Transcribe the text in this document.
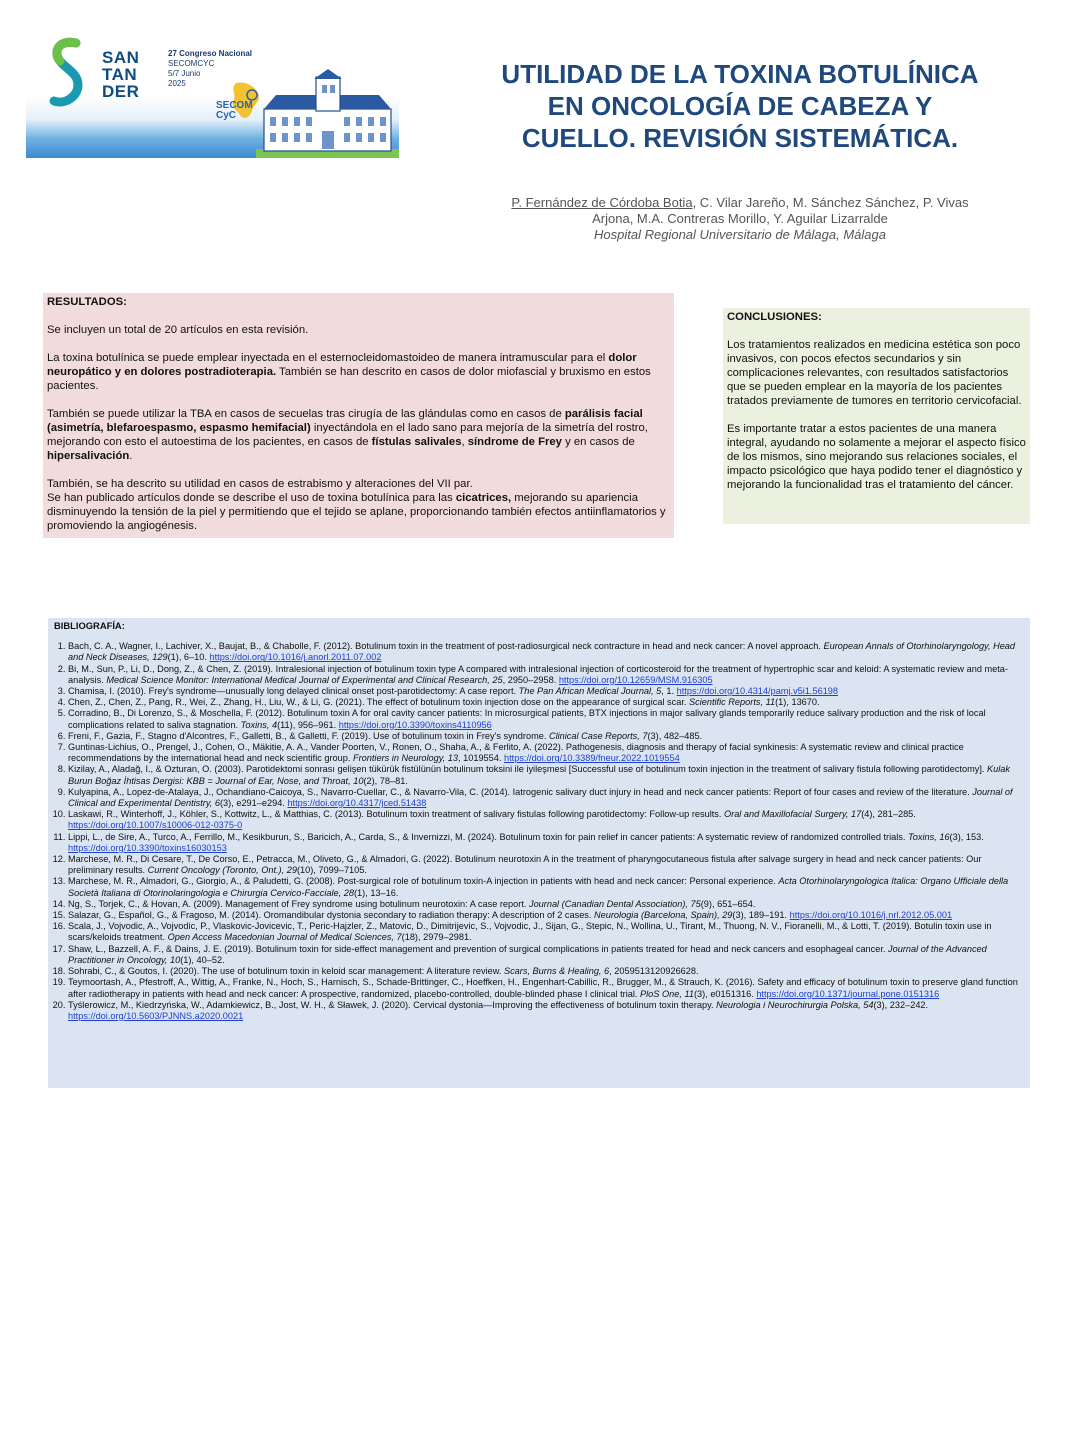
SAN
TAN
DER
27 Congreso Nacional
SECOMCYC
5/7 Junio
2025
SECOM
CyC
UTILIDAD DE LA TOXINA BOTULÍNICA EN ONCOLOGÍA DE CABEZA Y CUELLO. REVISIÓN SISTEMÁTICA.
P. Fernández de Córdoba Botia, C. Vilar Jareño, M. Sánchez Sánchez, P. Vivas Arjona, M.A. Contreras Morillo, Y. Aguilar Lizarralde
Hospital Regional Universitario de Málaga, Málaga
RESULTADOS:

Se incluyen un total de 20 artículos en esta revisión.

La toxina botulínica se puede emplear inyectada en el esternocleidomastoideo de manera intramuscular para el dolor neuropático y en dolores postradioterapia. También se han descrito en casos de dolor miofascial y bruxismo en estos pacientes.

También se puede utilizar la TBA en casos de secuelas tras cirugía de las glándulas como en casos de parálisis facial (asimetría, blefaroespasmo, espasmo hemifacial) inyectándola en el lado sano para mejoría de la simetría del rostro, mejorando con esto el autoestima de los pacientes, en casos de fístulas salivales, síndrome de Frey y en casos de hipersalivación.

También, se ha descrito su utilidad en casos de estrabismo y alteraciones del VII par.
Se han publicado artículos donde se describe el uso de toxina botulínica para las cicatrices, mejorando su apariencia disminuyendo la tensión de la piel y permitiendo que el tejido se aplane, proporcionando también efectos antiinflamatorios y promoviendo la angiogénesis.

CONCLUSIONES:

Los tratamientos realizados en medicina estética son poco invasivos, con pocos efectos secundarios y sin complicaciones relevantes, con resultados satisfactorios que se pueden emplear en la mayoría de los pacientes tratados previamente de tumores en territorio cervicofacial.

Es importante tratar a estos pacientes de una manera integral, ayudando no solamente a mejorar el aspecto físico de los mismos, sino mejorando sus relaciones sociales, el impacto psicológico que haya podido tener el diagnóstico y mejorando la funcionalidad tras el tratamiento del cáncer.

BIBLIOGRAFÍA:
1. Bach, C. A., Wagner, I., Lachiver, X., Baujat, B., & Chabolle, F. (2012). Botulinum toxin in the treatment of post-radiosurgical neck contracture in head and neck cancer: A novel approach. European Annals of Otorhinolaryngology, Head and Neck Diseases, 129(1), 6–10. https://doi.org/10.1016/j.anorl.2011.07.002
2. Bi, M., Sun, P., Li, D., Dong, Z., & Chen, Z. (2019). Intralesional injection of botulinum toxin type A compared with intralesional injection of corticosteroid for the treatment of hypertrophic scar and keloid: A systematic review and meta-analysis. Medical Science Monitor: International Medical Journal of Experimental and Clinical Research, 25, 2950–2958. https://doi.org/10.12659/MSM.916305
3. Chamisa, I. (2010). Frey's syndrome—unusually long delayed clinical onset post-parotidectomy: A case report. The Pan African Medical Journal, 5, 1. https://doi.org/10.4314/pamj.v5i1.56198
4. Chen, Z., Chen, Z., Pang, R., Wei, Z., Zhang, H., Liu, W., & Li, G. (2021). The effect of botulinum toxin injection dose on the appearance of surgical scar. Scientific Reports, 11(1), 13670.
5. Corradino, B., Di Lorenzo, S., & Moschella, F. (2012). Botulinum toxin A for oral cavity cancer patients: In microsurgical patients, BTX injections in major salivary glands temporarily reduce salivary production and the risk of local complications related to saliva stagnation. Toxins, 4(11), 956–961. https://doi.org/10.3390/toxins4110956
6. Freni, F., Gazia, F., Stagno d'Alcontres, F., Galletti, B., & Galletti, F. (2019). Use of botulinum toxin in Frey's syndrome. Clinical Case Reports, 7(3), 482–485.
7. Guntinas-Lichius, O., Prengel, J., Cohen, O., Mäkitie, A. A., Vander Poorten, V., Ronen, O., Shaha, A., & Ferlito, A. (2022). Pathogenesis, diagnosis and therapy of facial synkinesis: A systematic review and clinical practice recommendations by the international head and neck scientific group. Frontiers in Neurology, 13, 1019554. https://doi.org/10.3389/fneur.2022.1019554
8. Kizilay, A., Aladağ, I., & Ozturan, O. (2003). Parotidektomi sonrası gelişen tükürük fistülünün botulinum toksini ile iyileşmesi [Successful use of botulinum toxin injection in the treatment of salivary fistula following parotidectomy]. Kulak Burun Boğaz İhtisas Dergisi: KBB = Journal of Ear, Nose, and Throat, 10(2), 78–81.
9. Kulyapina, A., Lopez-de-Atalaya, J., Ochandiano-Caicoya, S., Navarro-Cuellar, C., & Navarro-Vila, C. (2014). Iatrogenic salivary duct injury in head and neck cancer patients: Report of four cases and review of the literature. Journal of Clinical and Experimental Dentistry, 6(3), e291–e294. https://doi.org/10.4317/jced.51438
10. Laskawi, R., Winterhoff, J., Köhler, S., Kottwitz, L., & Matthias, C. (2013). Botulinum toxin treatment of salivary fistulas following parotidectomy: Follow-up results. Oral and Maxillofacial Surgery, 17(4), 281–285. https://doi.org/10.1007/s10006-012-0375-0
11. Lippi, L., de Sire, A., Turco, A., Ferrillo, M., Kesikburun, S., Baricich, A., Carda, S., & Invernizzi, M. (2024). Botulinum toxin for pain relief in cancer patients: A systematic review of randomized controlled trials. Toxins, 16(3), 153. https://doi.org/10.3390/toxins16030153
12. Marchese, M. R., Di Cesare, T., De Corso, E., Petracca, M., Oliveto, G., & Almadori, G. (2022). Botulinum neurotoxin A in the treatment of pharyngocutaneous fistula after salvage surgery in head and neck cancer patients: Our preliminary results. Current Oncology (Toronto, Ont.), 29(10), 7099–7105.
13. Marchese, M. R., Almadori, G., Giorgio, A., & Paludetti, G. (2008). Post-surgical role of botulinum toxin-A injection in patients with head and neck cancer: Personal experience. Acta Otorhinolaryngologica Italica: Organo Ufficiale della Società Italiana di Otorinolaringologia e Chirurgia Cervico-Facciale, 28(1), 13–16.
14. Ng, S., Torjek, C., & Hovan, A. (2009). Management of Frey syndrome using botulinum neurotoxin: A case report. Journal (Canadian Dental Association), 75(9), 651–654.
15. Salazar, G., Español, G., & Fragoso, M. (2014). Oromandibular dystonia secondary to radiation therapy: A description of 2 cases. Neurologia (Barcelona, Spain), 29(3), 189–191. https://doi.org/10.1016/j.nrl.2012.05.001
16. Scala, J., Vojvodic, A., Vojvodic, P., Vlaskovic-Jovicevic, T., Peric-Hajzler, Z., Matovic, D., Dimitrijevic, S., Vojvodic, J., Sijan, G., Stepic, N., Wollina, U., Tirant, M., Thuong, N. V., Fioranelli, M., & Lotti, T. (2019). Botulin toxin use in scars/keloids treatment. Open Access Macedonian Journal of Medical Sciences, 7(18), 2979–2981.
17. Shaw, L., Bazzell, A. F., & Dains, J. E. (2019). Botulinum toxin for side-effect management and prevention of surgical complications in patients treated for head and neck cancers and esophageal cancer. Journal of the Advanced Practitioner in Oncology, 10(1), 40–52.
18. Sohrabi, C., & Goutos, I. (2020). The use of botulinum toxin in keloid scar management: A literature review. Scars, Burns & Healing, 6, 2059513120926628.
19. Teymoortash, A., Pfestroff, A., Wittig, A., Franke, N., Hoch, S., Harnisch, S., Schade-Brittinger, C., Hoeffken, H., Engenhart-Cabillic, R., Brugger, M., & Strauch, K. (2016). Safety and efficacy of botulinum toxin to preserve gland function after radiotherapy in patients with head and neck cancer: A prospective, randomized, placebo-controlled, double-blinded phase I clinical trial. PloS One, 11(3), e0151316. https://doi.org/10.1371/journal.pone.0151316
20. Tyślerowicz, M., Kiedrzyńska, W., Adamkiewicz, B., Jost, W. H., & Sławek, J. (2020). Cervical dystonia—Improving the effectiveness of botulinum toxin therapy. Neurologia i Neurochirurgia Polska, 54(3), 232–242. https://doi.org/10.5603/PJNNS.a2020.0021
